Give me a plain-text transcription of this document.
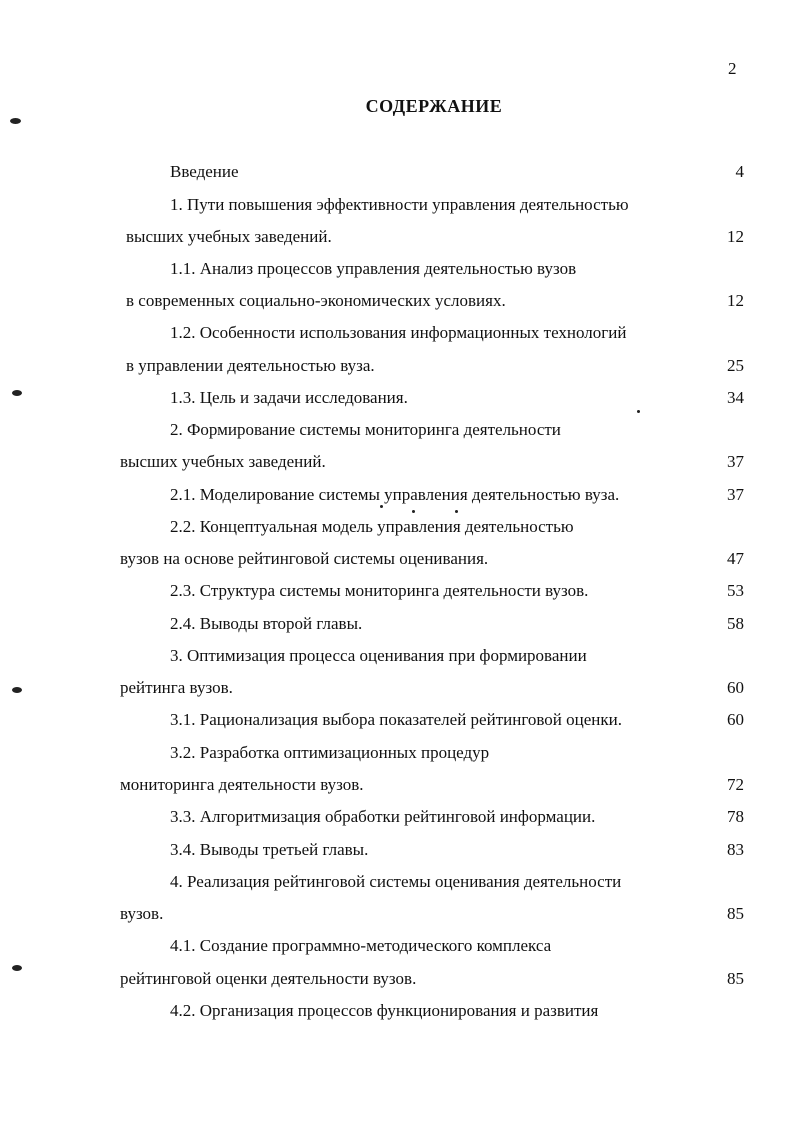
2
СОДЕРЖАНИЕ
Введение	4
1. Пути повышения эффективности управления деятельностью
высших учебных заведений.	12
1.1. Анализ процессов управления деятельностью вузов
в современных социально-экономических условиях.	12
1.2. Особенности использования информационных технологий
в управлении деятельностью вуза.	25
1.3. Цель и задачи исследования.	34
2. Формирование системы мониторинга деятельности
высших учебных заведений.	37
2.1. Моделирование системы управления деятельностью вуза.	37
2.2. Концептуальная модель управления деятельностью
вузов на основе рейтинговой системы оценивания.	47
2.3. Структура системы мониторинга деятельности вузов.	53
2.4. Выводы второй главы.	58
3. Оптимизация процесса оценивания при формировании
рейтинга вузов.	60
3.1. Рационализация выбора показателей рейтинговой оценки.	60
3.2. Разработка оптимизационных процедур
мониторинга деятельности вузов.	72
3.3. Алгоритмизация обработки рейтинговой информации.	78
3.4. Выводы третьей главы.	83
4. Реализация рейтинговой системы оценивания деятельности
вузов.	85
4.1. Создание программно-методического комплекса
рейтинговой оценки деятельности вузов.	85
4.2. Организация процессов функционирования и развития
